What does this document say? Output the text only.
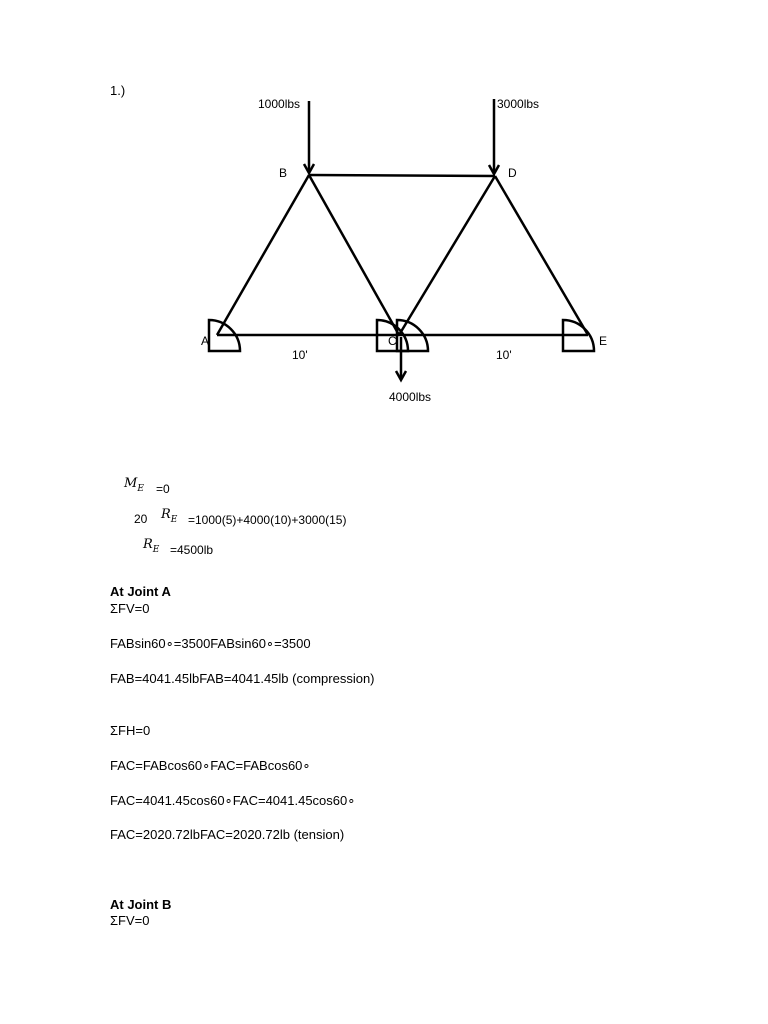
1.)
1000lbs	3000lbs
4000lbs
B	D
A	C	E
10'	10'
$M_E =0$
20 $R_E =1000(5)+4000(10)+3000(15)$
$R_E =4500lb$
At Joint A
ΣFV=0
FABsin60∘=3500FABsin60∘=3500
FAB=4041.45lbFAB=4041.45lb (compression)
ΣFH=0
FAC=FABcos60∘FAC=FABcos60∘
FAC=4041.45cos60∘FAC=4041.45cos60∘
FAC=2020.72lbFAC=2020.72lb (tension)
At Joint B
ΣFV=0
